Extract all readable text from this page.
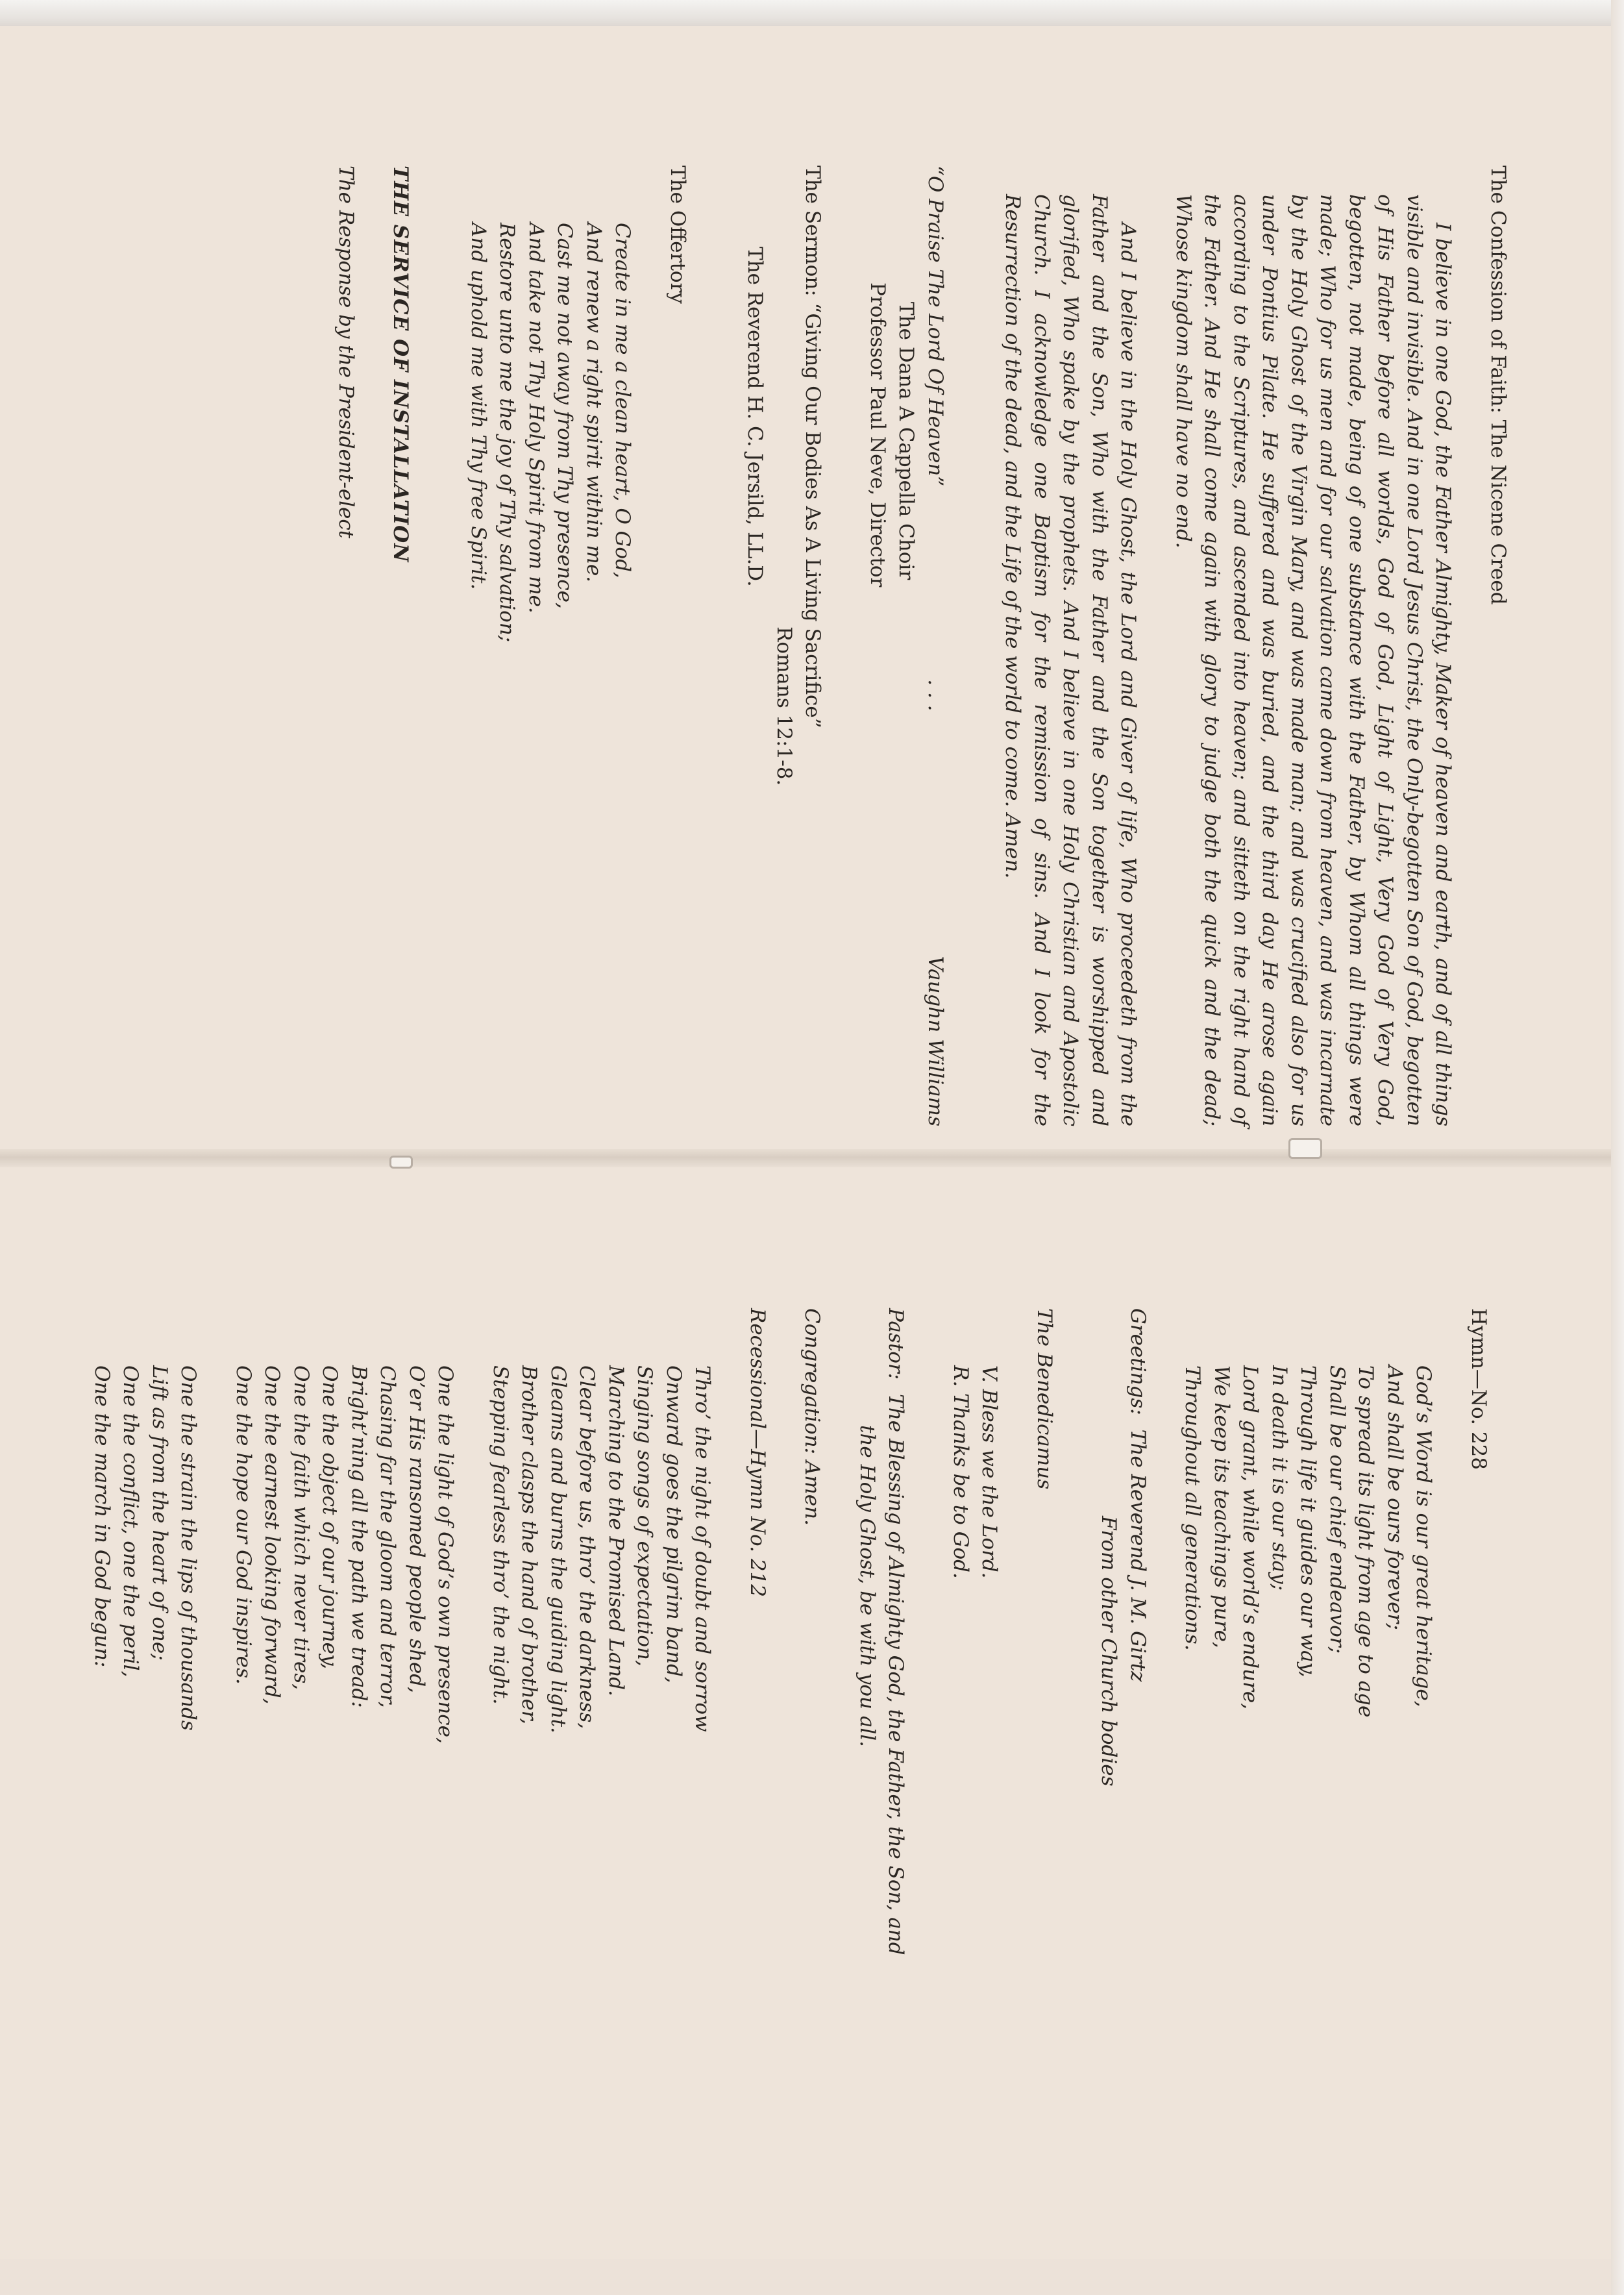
The Confession of Faith: The Nicene Creed

I believe in one God, the Father Almighty, Maker of heaven and earth, and of all things visible and invisible. And in one Lord Jesus Christ, the Only-begotten Son of God, begotten of His Father before all worlds, God of God, Light of Light, Very God of Very God, begotten, not made, being of one substance with the Father, by Whom all things were made; Who for us men and for our salvation came down from heaven, and was incarnate by the Holy Ghost of the Virgin Mary, and was made man; and was crucified also for us under Pontius Pilate. He suffered and was buried, and the third day He arose again according to the Scriptures, and ascended into heaven; and sitteth on the right hand of the Father. And He shall come again with glory to judge both the quick and the dead; Whose kingdom shall have no end.

And I believe in the Holy Ghost, the Lord and Giver of life, Who proceedeth from the Father and the Son, Who with the Father and the Son together is worshipped and glorified, Who spake by the prophets. And I believe in one Holy Christian and Apostolic Church. I acknowledge one Baptism for the remission of sins. And I look for the Resurrection of the dead, and the Life of the world to come. Amen.

“O Praise The Lord Of Heaven”
. . .
Vaughn Williams
The Dana A Cappella Choir
Professor Paul Neve, Director
The Sermon: “Giving Our Bodies As A Living Sacrifice”
Romans 12:1-8.
The Reverend H. C. Jersild, LL.D.
The Offertory
Create in me a clean heart, O God,
And renew a right spirit within me.
Cast me not away from Thy presence,
And take not Thy Holy Spirit from me.
Restore unto me the joy of Thy salvation;
And uphold me with Thy free Spirit.
THE SERVICE OF INSTALLATION
The Response by the President-elect
Hymn—No. 228
God’s Word is our great heritage,
And shall be ours forever;
To spread its light from age to age
Shall be our chief endeavor;
Through life it guides our way,
In death it is our stay;
Lord grant, while world’s endure,
We keep its teachings pure,
Throughout all generations.
Greetings: The Reverend J. M. Girtz
From other Church bodies
The Benedicamus
V. Bless we the Lord.
R. Thanks be to God.
Pastor: The Blessing of Almighty God, the Father, the Son, and
the Holy Ghost, be with you all.
Congregation: Amen.
Recessional—Hymn No. 212
Thro’ the night of doubt and sorrow
Onward goes the pilgrim band,
Singing songs of expectation,
Marching to the Promised Land.
Clear before us, thro’ the darkness,
Gleams and burns the guiding light.
Brother clasps the hand of brother,
Stepping fearless thro’ the night.
One the light of God’s own presence,
O’er His ransomed people shed,
Chasing far the gloom and terror,
Bright’ning all the path we tread:
One the object of our journey,
One the faith which never tires,
One the earnest looking forward,
One the hope our God inspires.
One the strain the lips of thousands
Lift as from the heart of one;
One the conflict, one the peril,
One the march in God begun:
